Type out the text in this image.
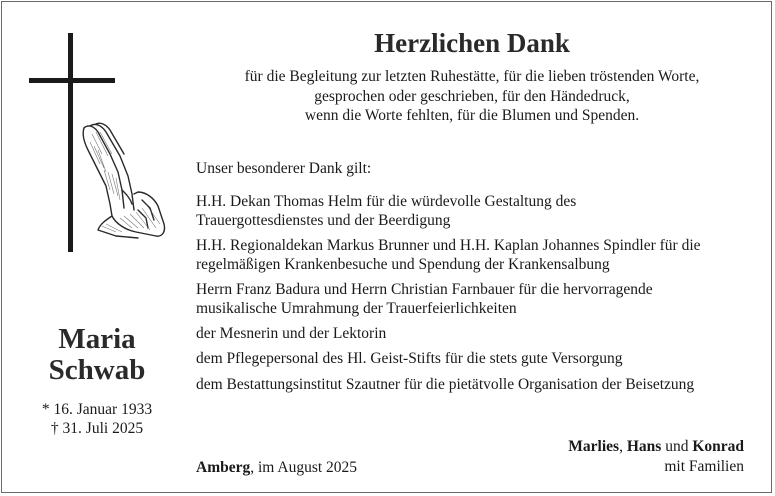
Maria
Schwab
* 16. Januar 1933
† 31. Juli 2025
Herzlichen Dank
für die Begleitung zur letzten Ruhestätte, für die lieben tröstenden Worte,
gesprochen oder geschrieben, für den Händedruck,
wenn die Worte fehlten, für die Blumen und Spenden.
Unser besonderer Dank gilt:
H.H. Dekan Thomas Helm für die würdevolle Gestaltung des
Trauergottesdienstes und der Beerdigung
H.H. Regionaldekan Markus Brunner und H.H. Kaplan Johannes Spindler für die
regelmäßigen Krankenbesuche und Spendung der Krankensalbung
Herrn Franz Badura und Herrn Christian Farnbauer für die hervorragende
musikalische Umrahmung der Trauerfeierlichkeiten
der Mesnerin und der Lektorin
dem Pflegepersonal des Hl. Geist-Stifts für die stets gute Versorgung
dem Bestattungsinstitut Szautner für die pietätvolle Organisation der Beisetzung
Marlies, Hans und Konrad
mit Familien
Amberg, im August 2025
